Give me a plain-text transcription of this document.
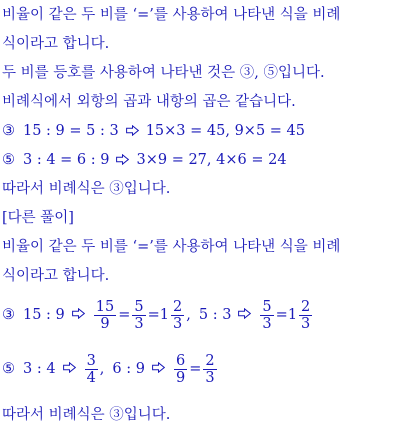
비율이 같은 두 비를 ‘=’를 사용하여 나타낸 식을 비례
식이라고 합니다.
두 비를 등호를 사용하여 나타낸 것은 ③, ⑤입니다.
비례식에서 외항의 곱과 내항의 곱은 같습니다.
③ 15 : 9 = 5 : 3 15×3 = 45, 9×5 = 45
⑤ 3 : 4 = 6 : 9 3×9 = 27, 4×6 = 24
따라서 비례식은 ③입니다.
[다른 풀이]
비율이 같은 두 비를 ‘=’를 사용하여 나타낸 식을 비례
식이라고 합니다.
③ 15 : $9 \frac{15}{9} = \frac{5}{3} = 1 \frac{2}{3}$ , 5 : $3 \frac{5}{3} = 1 \frac{2}{3}$
⑤ 3 : $4 \frac{3}{4}$ , 6 : $9 \frac{6}{9} = \frac{2}{3}$
따라서 비례식은 ③입니다.
